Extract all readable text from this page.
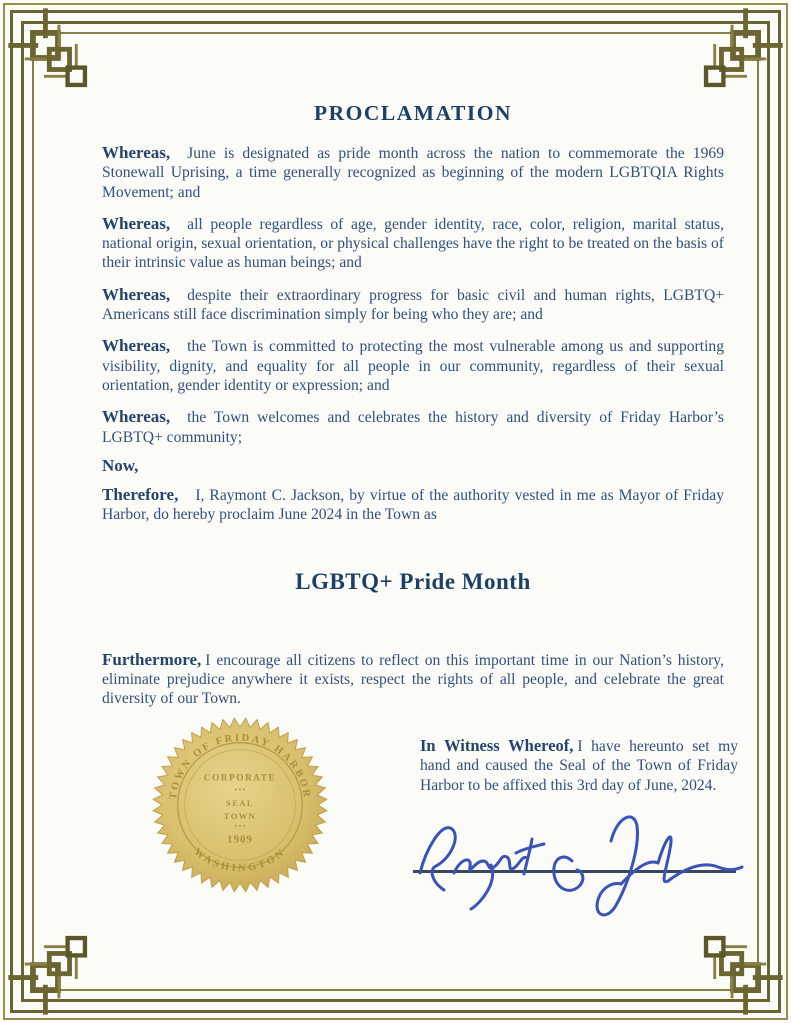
PROCLAMATION

Whereas, June is designated as pride month across the nation to commemorate the 1969 Stonewall Uprising, a time generally recognized as beginning of the modern LGBTQIA Rights Movement; and

Whereas, all people regardless of age, gender identity, race, color, religion, marital status, national origin, sexual orientation, or physical challenges have the right to be treated on the basis of their intrinsic value as human beings; and

Whereas, despite their extraordinary progress for basic civil and human rights, LGBTQ+ Americans still face discrimination simply for being who they are; and

Whereas, the Town is committed to protecting the most vulnerable among us and supporting visibility, dignity, and equality for all people in our community, regardless of their sexual orientation, gender identity or expression; and

Whereas, the Town welcomes and celebrates the history and diversity of Friday Harbor’s LGBTQ+ community;

Now,

Therefore, I, Raymont C. Jackson, by virtue of the authority vested in me as Mayor of Friday Harbor, do hereby proclaim June 2024 in the Town as

LGBTQ+ Pride Month

Furthermore, I encourage all citizens to reflect on this important time in our Nation’s history, eliminate prejudice anywhere it exists, respect the rights of all people, and celebrate the great diversity of our Town.

TOWN OF FRIDAY HARBOR
WASHINGTON
CORPORATE
• • •
SEAL
TOWN
• • •
1909
In Witness Whereof, I have hereunto set my hand and caused the Seal of the Town of Friday Harbor to be affixed this 3rd day of June, 2024.
